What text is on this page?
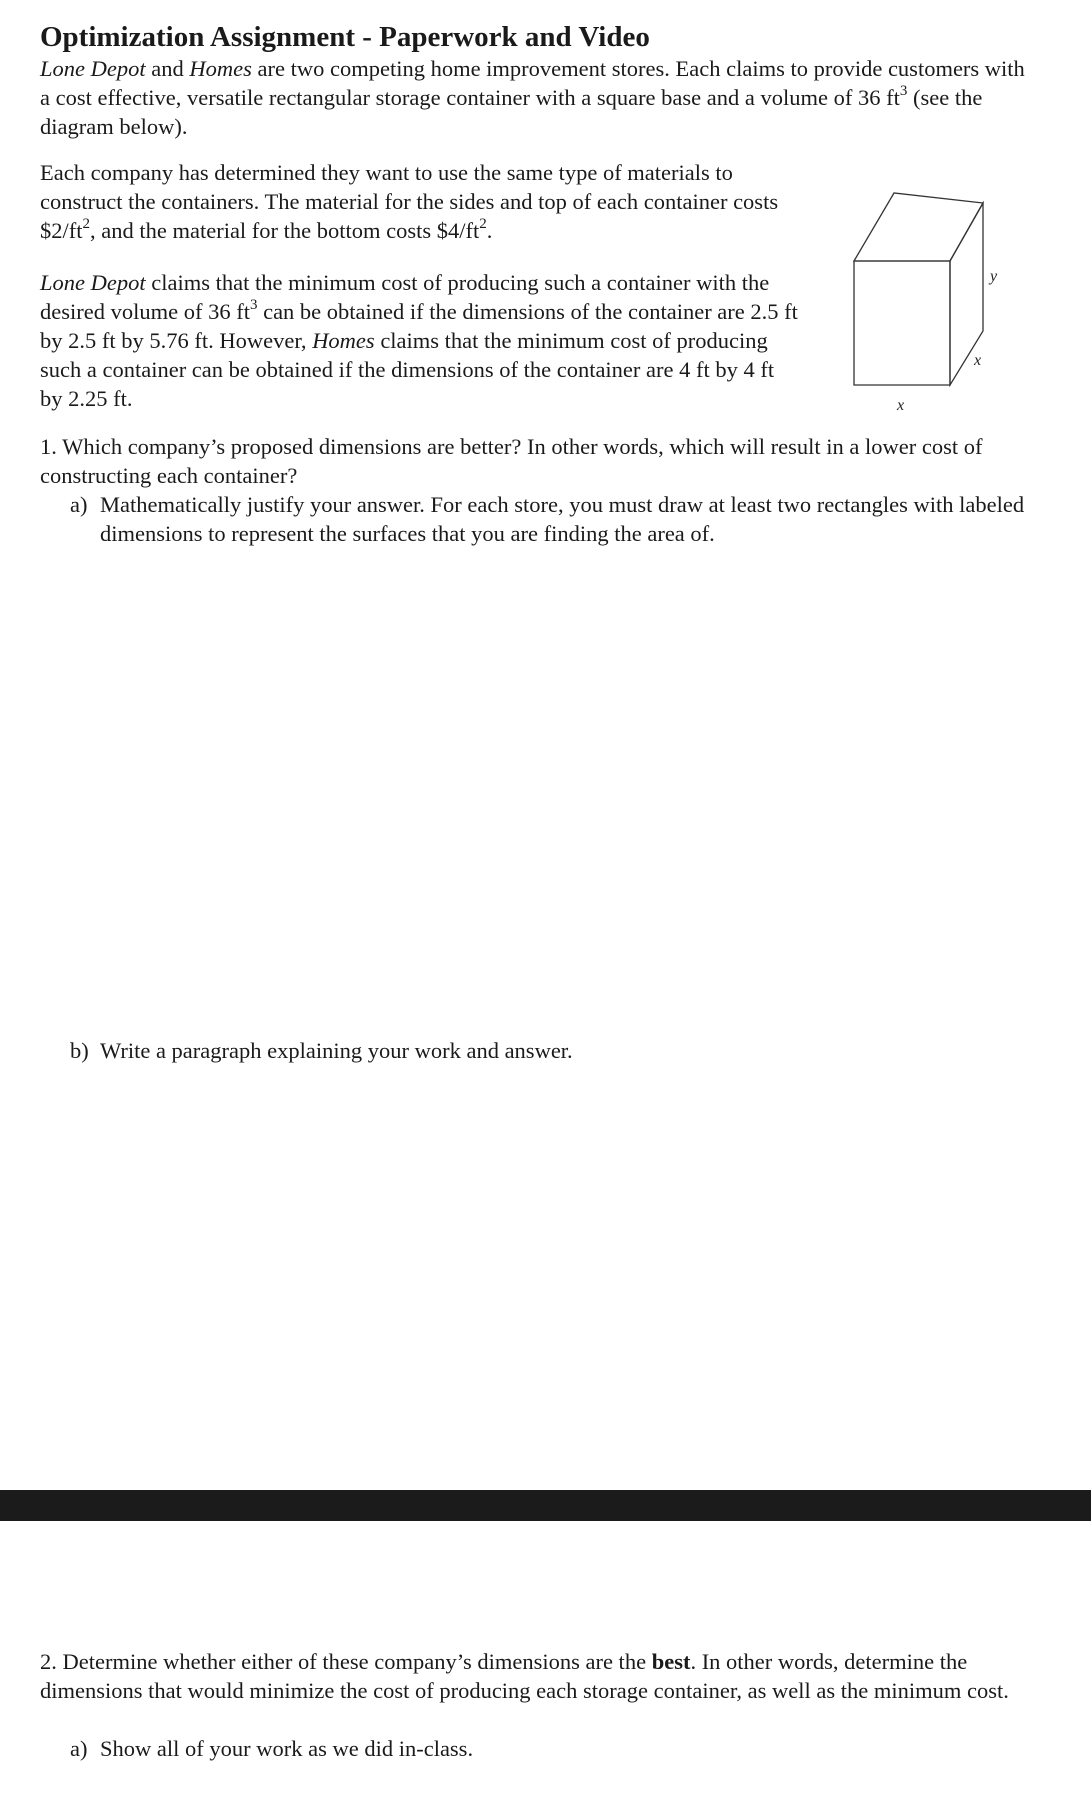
Optimization Assignment - Paperwork and Video

Lone Depot and Homes are two competing home improvement stores. Each claims to provide customers with a cost effective, versatile rectangular storage container with a square base and a volume of 36 $ft^3$ (see the diagram below).

Each company has determined they want to use the same type of materials to construct the containers. The material for the sides and top of each container costs $\$2/ft^2$, and the material for the bottom costs $\$4/ft^2$.

Lone Depot claims that the minimum cost of producing such a container with the desired volume of 36 $ft^3$ can be obtained if the dimensions of the container are 2.5 ft by 2.5 ft by 5.76 ft. However, Homes claims that the minimum cost of producing such a container can be obtained if the dimensions of the container are 4 ft by 4 ft by 2.25 ft.

1. Which company’s proposed dimensions are better? In other words, which will result in a lower cost of constructing each container?

a) Mathematically justify your answer. For each store, you must draw at least two rectangles with labeled dimensions to represent the surfaces that you are finding the area of.
b) Write a paragraph explaining your work and answer.

2. Determine whether either of these company’s dimensions are the best. In other words, determine the dimensions that would minimize the cost of producing each storage container, as well as the minimum cost.

a) Show all of your work as we did in-class.
y
x
x
